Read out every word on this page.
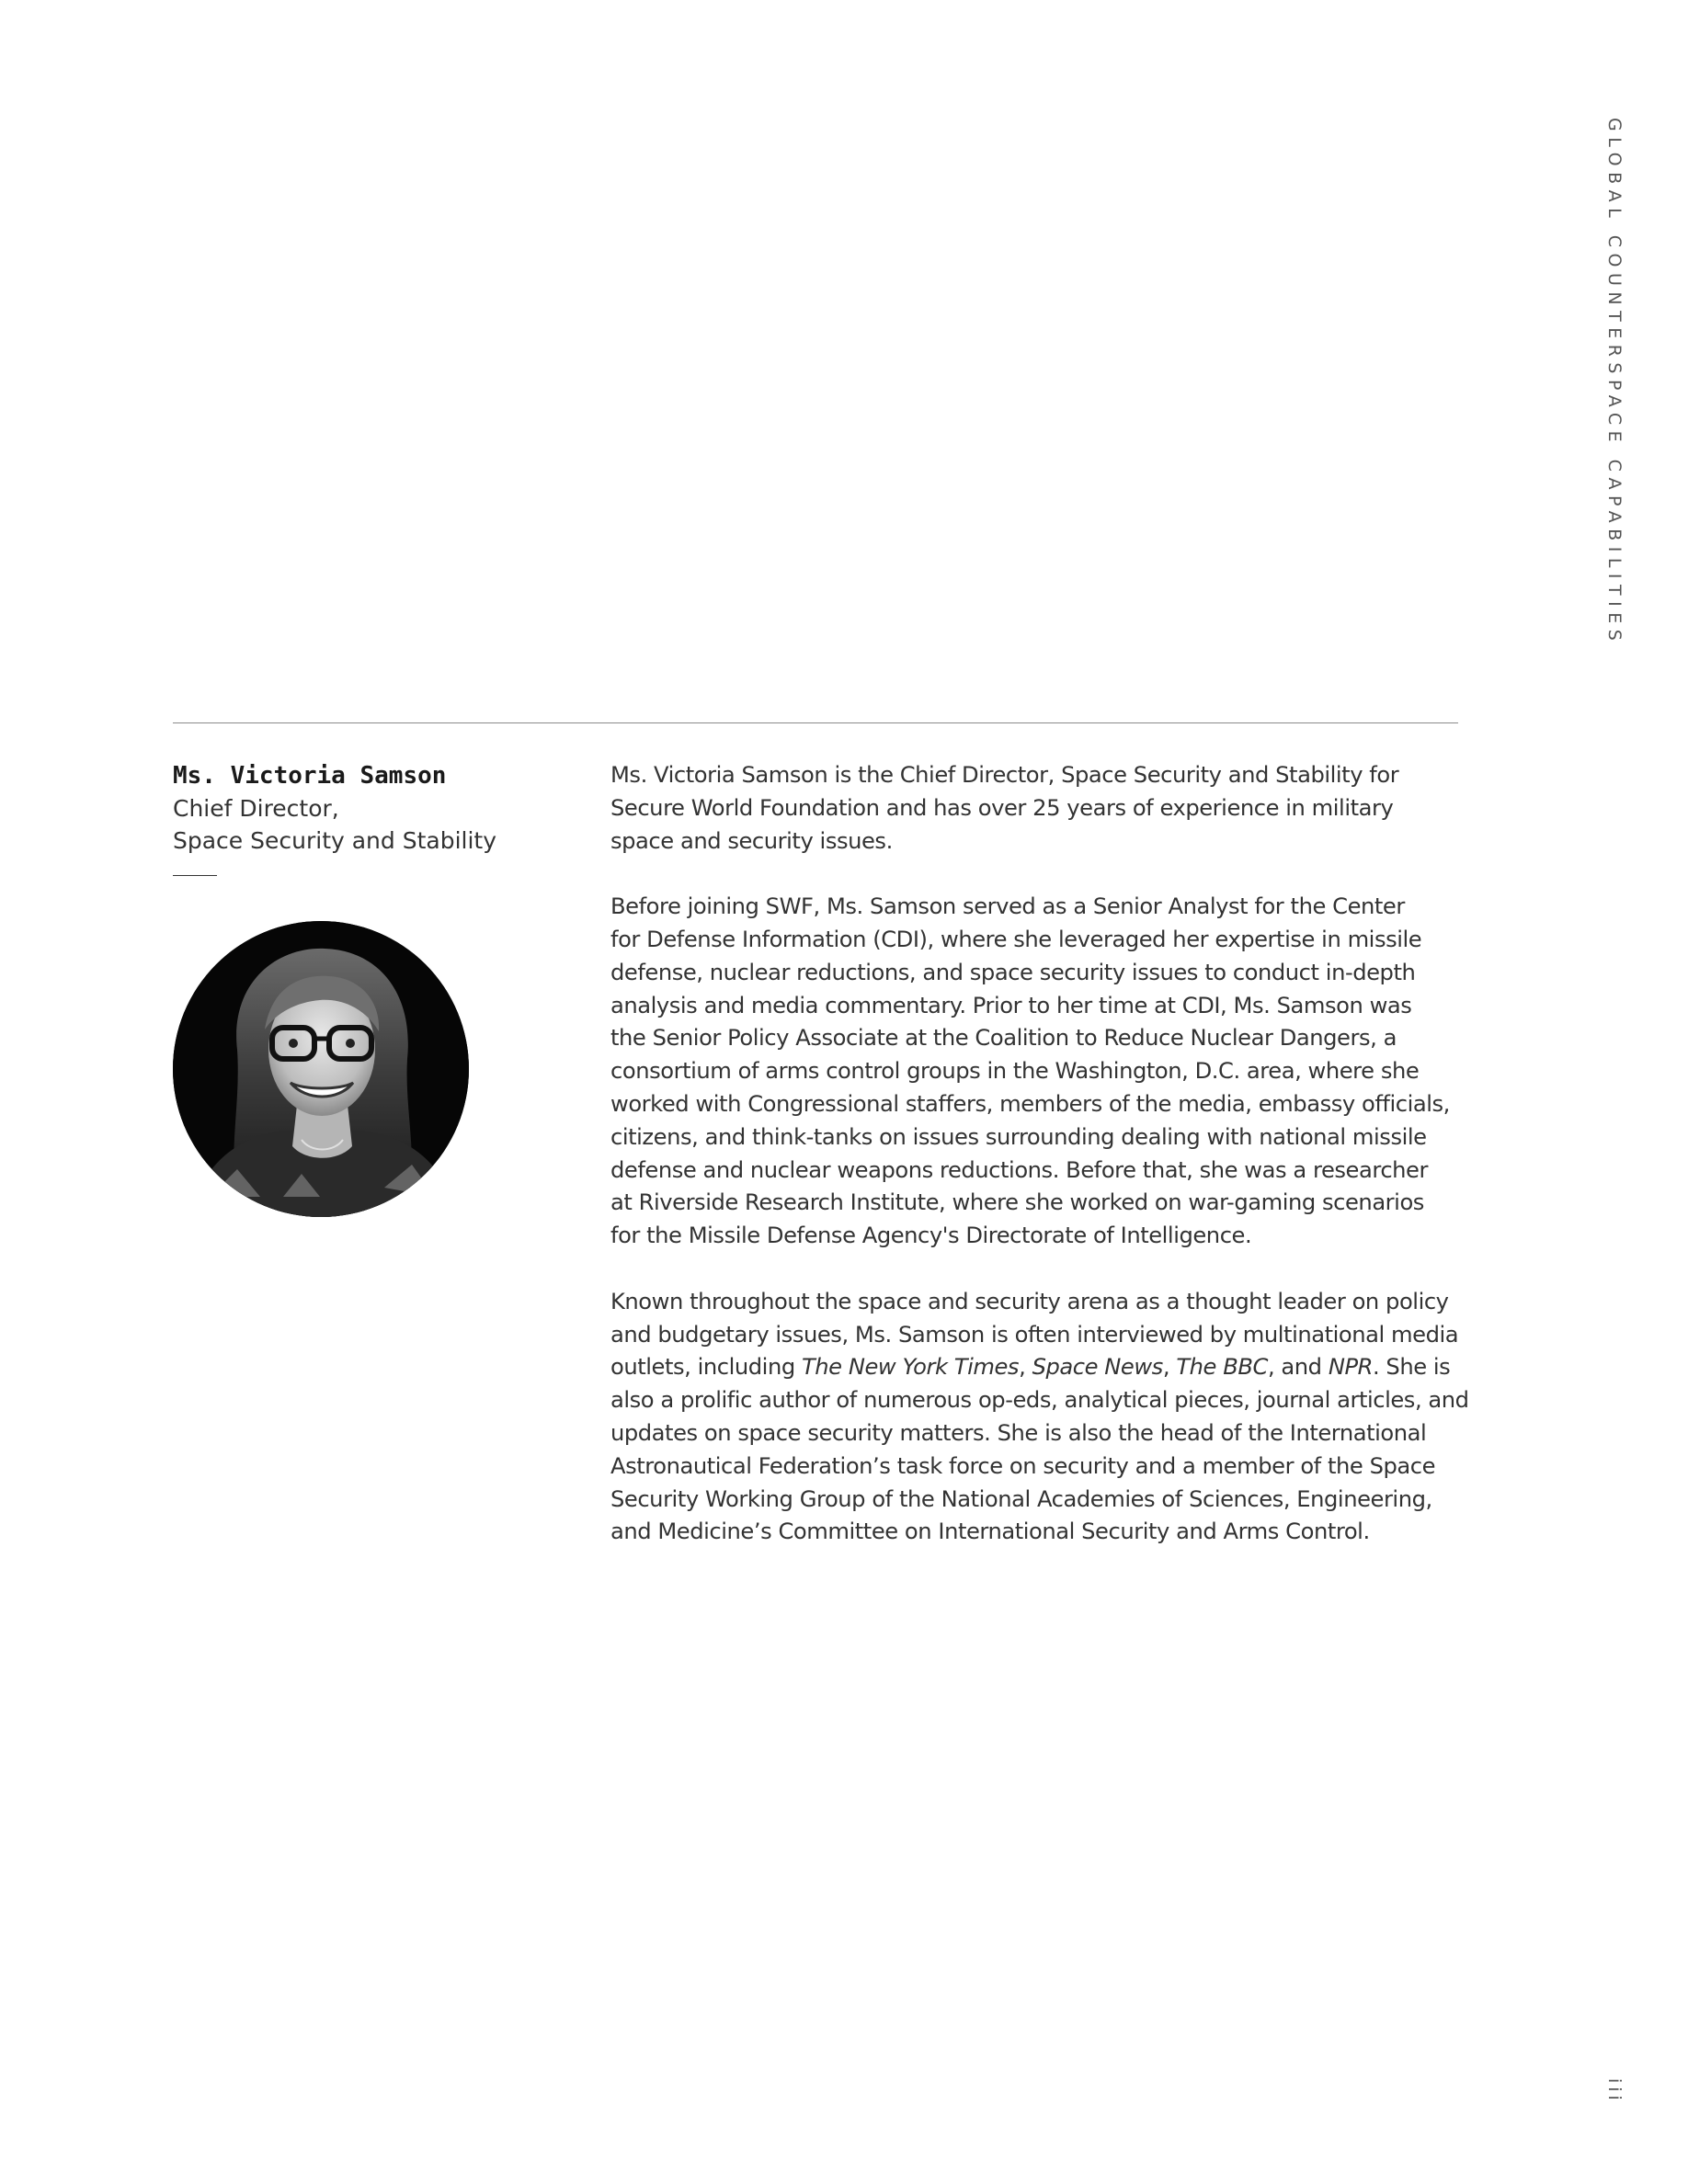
GLOBAL COUNTERSPACE CAPABILITIES
Ms. Victoria Samson
Chief Director,
Space Security and Stability

Ms. Victoria Samson is the Chief Director, Space Security and Stability for
Secure World Foundation and has over 25 years of experience in military
space and security issues.

Before joining SWF, Ms. Samson served as a Senior Analyst for the Center
for Defense Information (CDI), where she leveraged her expertise in missile
defense, nuclear reductions, and space security issues to conduct in-depth
analysis and media commentary. Prior to her time at CDI, Ms. Samson was
the Senior Policy Associate at the Coalition to Reduce Nuclear Dangers, a
consortium of arms control groups in the Washington, D.C. area, where she
worked with Congressional staffers, members of the media, embassy officials,
citizens, and think-tanks on issues surrounding dealing with national missile
defense and nuclear weapons reductions. Before that, she was a researcher
at Riverside Research Institute, where she worked on war-gaming scenarios
for the Missile Defense Agency's Directorate of Intelligence.

Known throughout the space and security arena as a thought leader on policy
and budgetary issues, Ms. Samson is often interviewed by multinational media
outlets, including The New York Times, Space News, The BBC, and NPR. She is
also a prolific author of numerous op-eds, analytical pieces, journal articles, and
updates on space security matters. She is also the head of the International
Astronautical Federation’s task force on security and a member of the Space
Security Working Group of the National Academies of Sciences, Engineering,
and Medicine’s Committee on International Security and Arms Control.

iii
